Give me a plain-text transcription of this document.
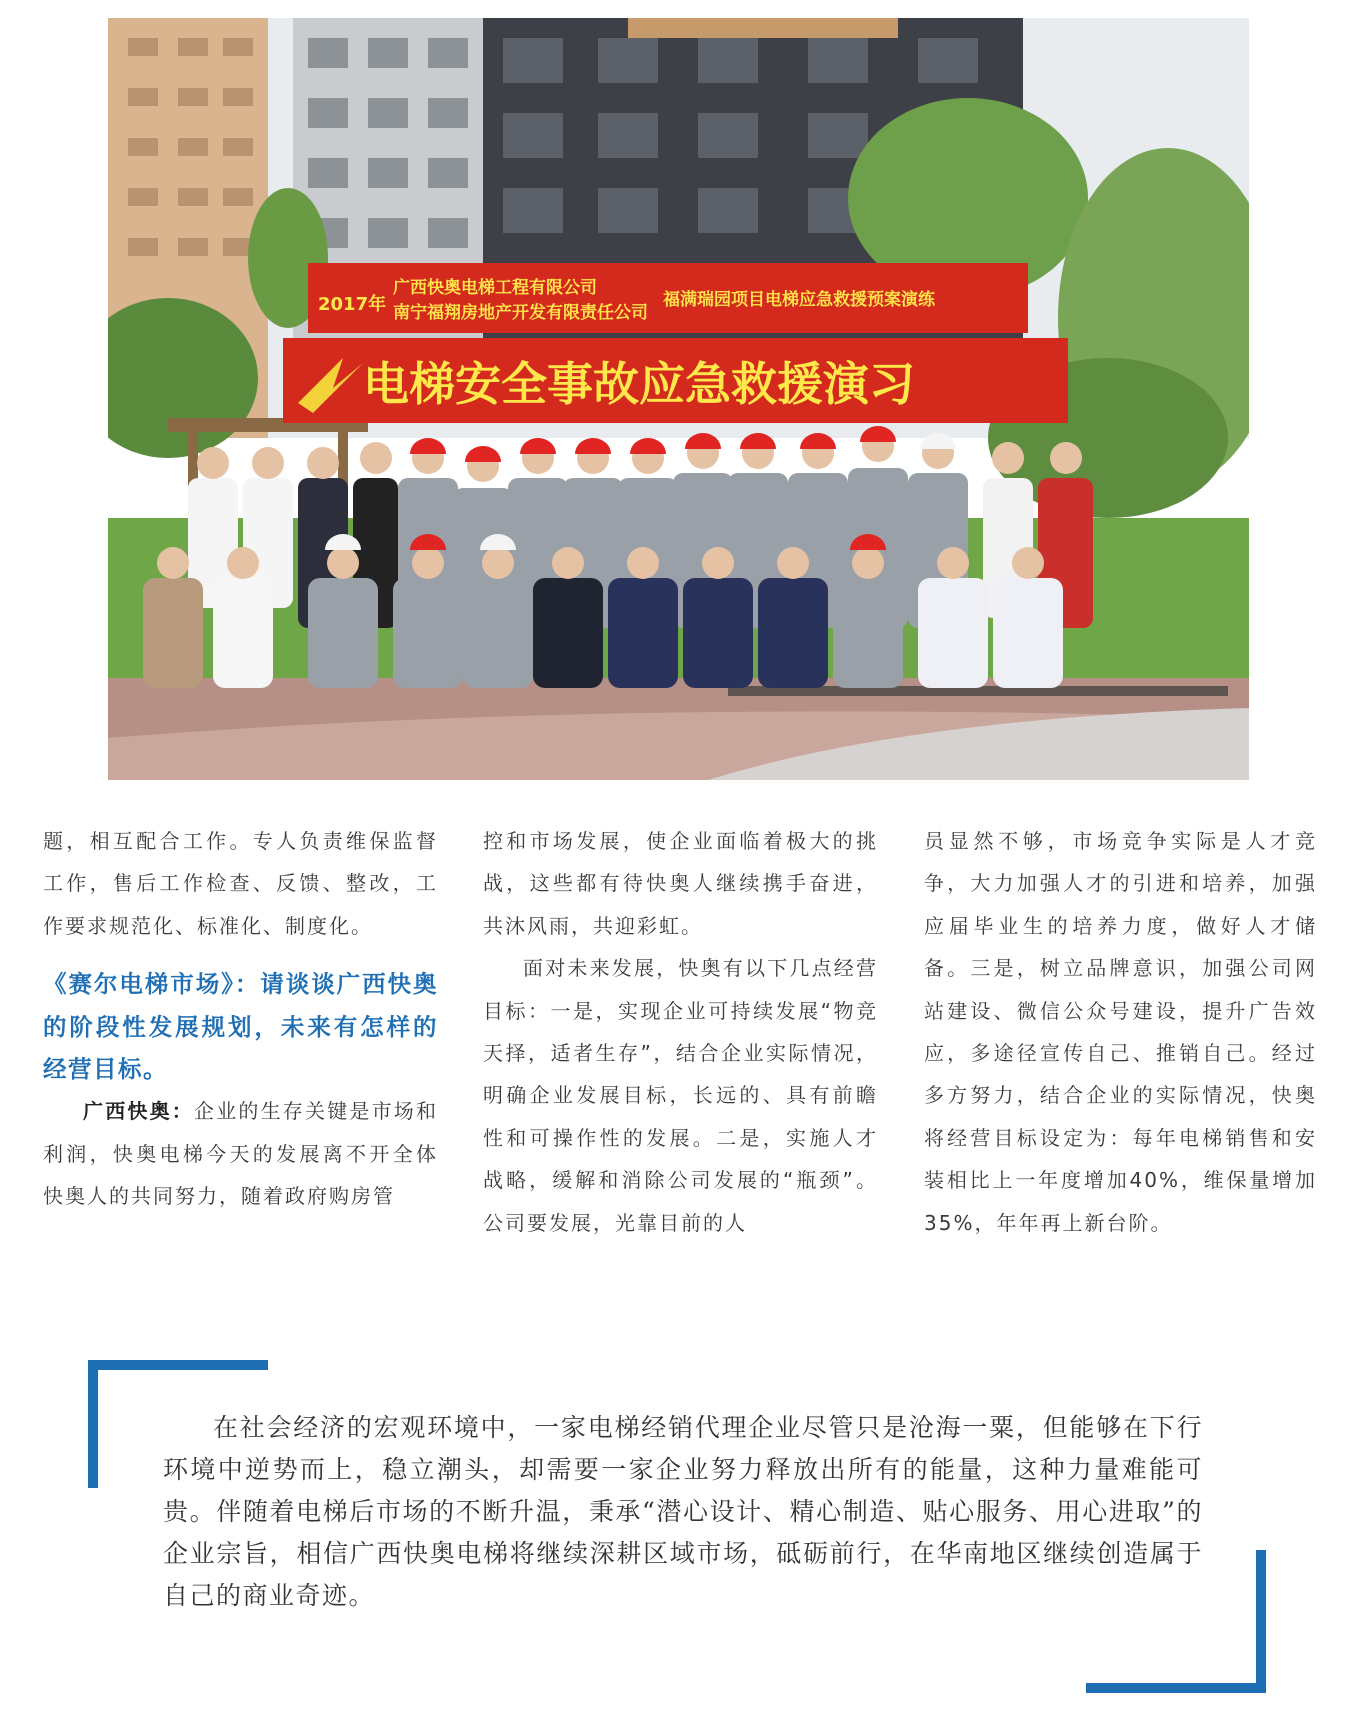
2017年
广西快奥电梯工程有限公司
南宁福翔房地产开发有限责任公司
福满瑞园项目电梯应急救援预案演练
电梯安全事故应急救援演习

题，相互配合工作。专人负责维保监督工作，售后工作检查、反馈、整改，工作要求规范化、标准化、制度化。

《赛尔电梯市场》：请谈谈广西快奥的阶段性发展规划，未来有怎样的经营目标。

广西快奥：企业的生存关键是市场和利润，快奥电梯今天的发展离不开全体快奥人的共同努力，随着政府购房管

控和市场发展，使企业面临着极大的挑战，这些都有待快奥人继续携手奋进，共沐风雨，共迎彩虹。

面对未来发展，快奥有以下几点经营目标：一是，实现企业可持续发展“物竞天择，适者生存”，结合企业实际情况，明确企业发展目标，长远的、具有前瞻性和可操作性的发展。二是，实施人才战略，缓解和消除公司发展的“瓶颈”。公司要发展，光靠目前的人

员显然不够，市场竞争实际是人才竞争，大力加强人才的引进和培养，加强应届毕业生的培养力度，做好人才储备。三是，树立品牌意识，加强公司网站建设、微信公众号建设，提升广告效应，多途径宣传自己、推销自己。经过多方努力，结合企业的实际情况，快奥将经营目标设定为：每年电梯销售和安装相比上一年度增加40%，维保量增加35%，年年再上新台阶。

在社会经济的宏观环境中，一家电梯经销代理企业尽管只是沧海一粟，但能够在下行环境中逆势而上，稳立潮头，却需要一家企业努力释放出所有的能量，这种力量难能可贵。伴随着电梯后市场的不断升温，秉承“潜心设计、精心制造、贴心服务、用心进取”的企业宗旨，相信广西快奥电梯将继续深耕区域市场，砥砺前行，在华南地区继续创造属于自己的商业奇迹。
